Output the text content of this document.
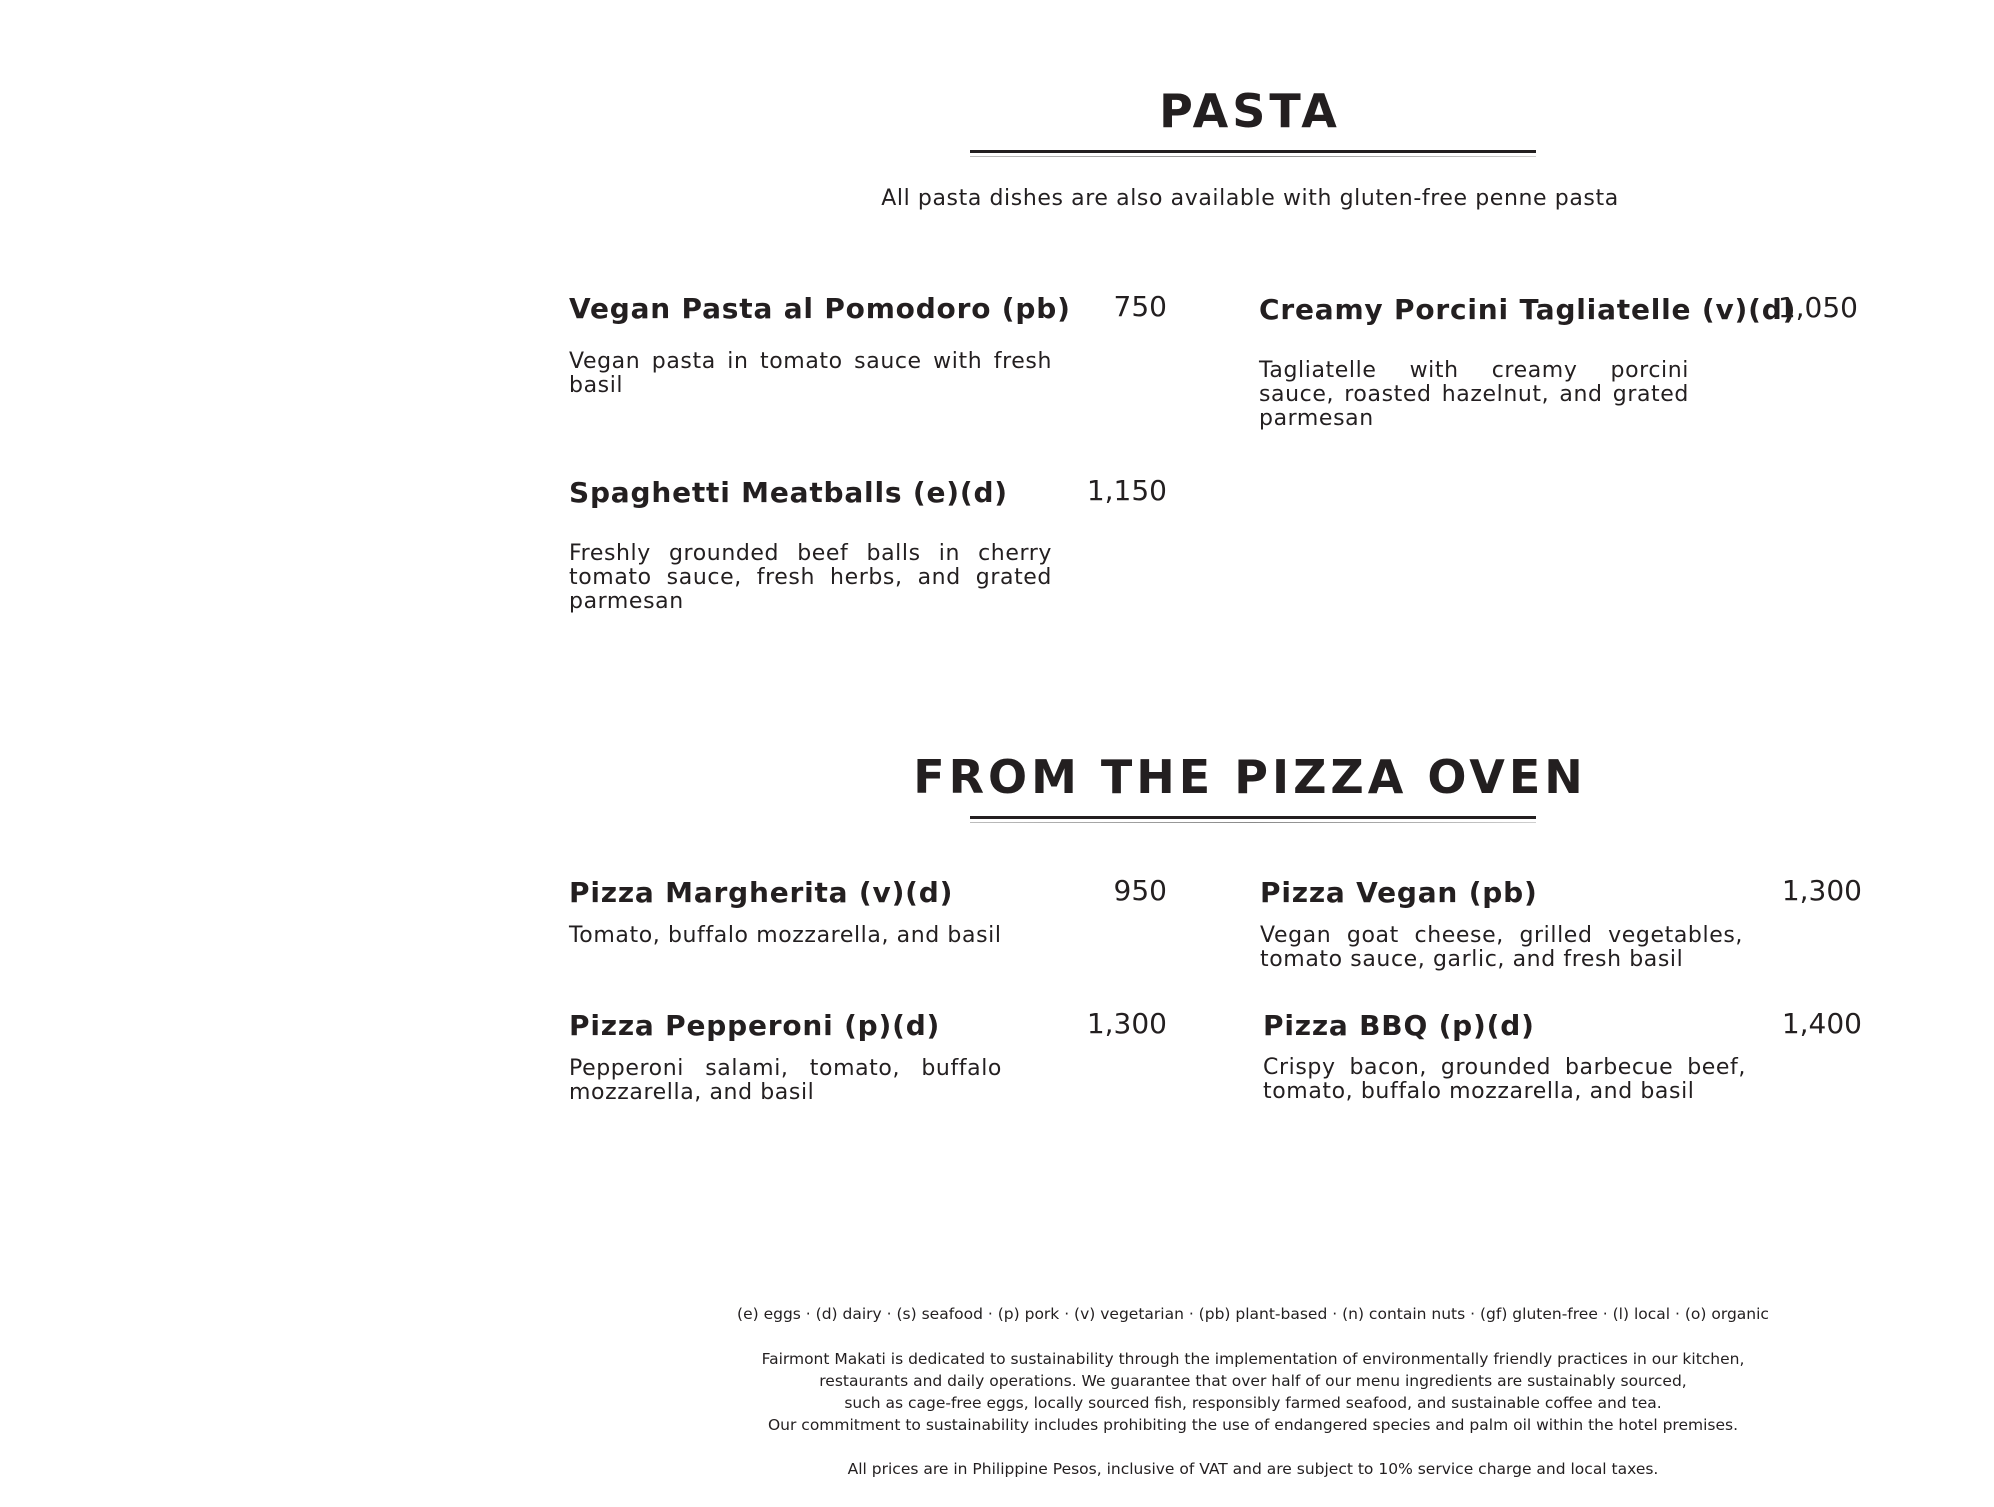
PASTA

All pasta dishes are also available with gluten-free penne pasta

Vegan Pasta al Pomodoro (pb)	750

Vegan pasta in tomato sauce with fresh basil

Creamy Porcini Tagliatelle (v)(d)

1,050

Tagliatelle with creamy porcini sauce, roasted hazelnut, and grated parmesan

Spaghetti Meatballs (e)(d)	1,150

Freshly grounded beef balls in cherry tomato sauce, fresh herbs, and grated parmesan

FROM THE PIZZA OVEN

Pizza Margherita (v)(d)	950

Tomato, buffalo mozzarella, and basil

Pizza Vegan (pb)	1,300

Vegan goat cheese, grilled vegetables, tomato sauce, garlic, and fresh basil

Pizza Pepperoni (p)(d)	1,300

Pepperoni salami, tomato, buffalo mozzarella, and basil

Pizza BBQ (p)(d)	1,400

Crispy bacon, grounded barbecue beef, tomato, buffalo mozzarella, and basil

(e) eggs · (d) dairy · (s) seafood · (p) pork · (v) vegetarian · (pb) plant-based · (n) contain nuts · (gf) gluten-free · (l) local · (o) organic

Fairmont Makati is dedicated to sustainability through the implementation of environmentally friendly practices in our kitchen,

restaurants and daily operations. We guarantee that over half of our menu ingredients are sustainably sourced,

such as cage-free eggs, locally sourced fish, responsibly farmed seafood, and sustainable coffee and tea.

Our commitment to sustainability includes prohibiting the use of endangered species and palm oil within the hotel premises.

All prices are in Philippine Pesos, inclusive of VAT and are subject to 10% service charge and local taxes.
